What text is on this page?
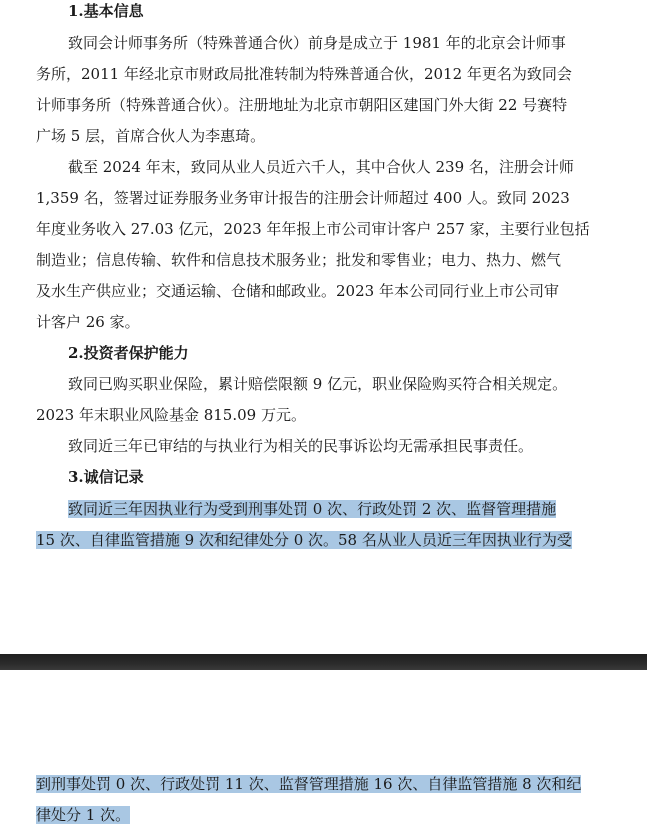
1.基本信息
致同会计师事务所（特殊普通合伙）前身是成立于 1981 年的北京会计师事
务所，2011 年经北京市财政局批准转制为特殊普通合伙，2012 年更名为致同会
计师事务所（特殊普通合伙）。注册地址为北京市朝阳区建国门外大街 22 号赛特
广场 5 层，首席合伙人为李惠琦。
截至 2024 年末，致同从业人员近六千人，其中合伙人 239 名，注册会计师
1,359 名，签署过证券服务业务审计报告的注册会计师超过 400 人。致同 2023
年度业务收入 27.03 亿元，2023 年年报上市公司审计客户 257 家，主要行业包括
制造业；信息传输、软件和信息技术服务业；批发和零售业；电力、热力、燃气
及水生产供应业；交通运输、仓储和邮政业。2023 年本公司同行业上市公司审
计客户 26 家。
2.投资者保护能力
致同已购买职业保险，累计赔偿限额 9 亿元，职业保险购买符合相关规定。
2023 年末职业风险基金 815.09 万元。
致同近三年已审结的与执业行为相关的民事诉讼均无需承担民事责任。
3.诚信记录
致同近三年因执业行为受到刑事处罚 0 次、行政处罚 2 次、监督管理措施
15 次、自律监管措施 9 次和纪律处分 0 次。58 名从业人员近三年因执业行为受
到刑事处罚 0 次、行政处罚 11 次、监督管理措施 16 次、自律监管措施 8 次和纪
律处分 1 次。
